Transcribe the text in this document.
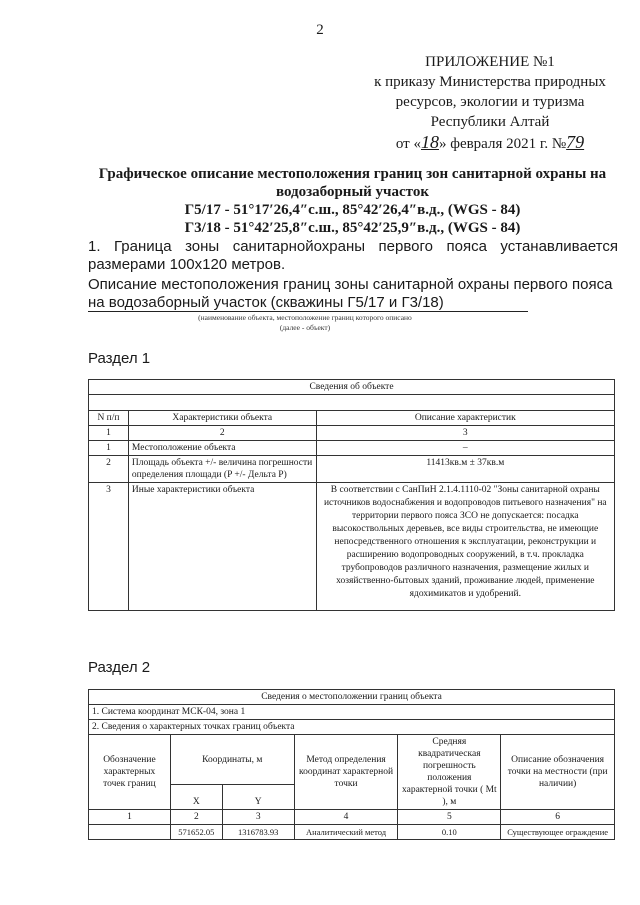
2
ПРИЛОЖЕНИЕ №1
к приказу Министерства природных
ресурсов, экологии и туризма
Республики Алтай
от «18» февраля 2021 г. №79
Графическое описание местоположения границ зон санитарной охраны на
водозаборный участок
Г5/17 - 51°17′26,4″с.ш., 85°42′26,4″в.д., (WGS - 84)
Г3/18 - 51°42′25,8″с.ш., 85°42′25,9″в.д., (WGS - 84)
1. Граница зоны санитарнойохраны первого пояса устанавливается размерами 100х120 метров.
Описание местоположения границ зоны санитарной охраны первого пояса на водозаборный участок (скважины Г5/17 и Г3/18)
(наименование объекта, местоположение границ которого описано
(далее - объект)
Раздел 1
Сведения об объекте		

N п/п	Характеристики объекта	Описание характеристик
1	2	3
1	Местоположение объекта	–
2	Площадь объекта +/- величина погрешности определения площади (P +/- Дельта P)	11413кв.м ± 37кв.м
3	Иные характеристики объекта	В соответствии с СанПиН 2.1.4.1110-02 "Зоны санитарной охраны источников водоснабжения и водопроводов питьевого назначения" на территории первого пояса ЗСО не допускается: посадка высокоствольных деревьев, все виды строительства, не имеющие непосредственного отношения к эксплуатации, реконструкции и расширению водопроводных сооружений, в т.ч. прокладка трубопроводов различного назначения, размещение жилых и хозяйственно-бытовых зданий, проживание людей, применение ядохимикатов и удобрений.
Раздел 2
Сведения о местоположении границ объекта					
1. Система координат МСК-04, зона 1					
2. Сведения о характерных точках границ объекта					
Обозначение характерных точек границ	Координаты, м		Метод определения координат характерной точки	Средняя квадратическая погрешность положения характерной точки ( Mt ), м	Описание обозначения точки на местности (при наличии)
	X	Y			
1	2	3	4	5	6
	571652.05	1316783.93	Аналитический метод	0.10	Существующее ограждение
